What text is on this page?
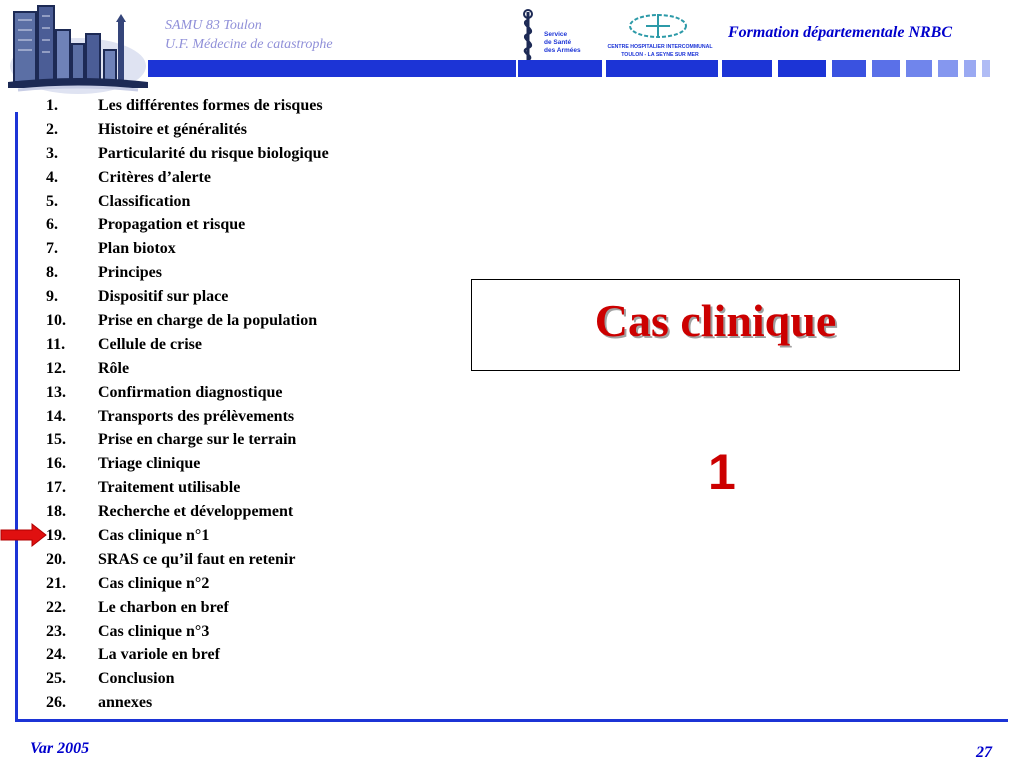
SAMU 83 Toulon
U.F. Médecine de catastrophe
Service
de Santé
des Armées	CENTRE HOSPITALIER INTERCOMMUNAL
TOULON - LA SEYNE SUR MER
Formation départementale NRBC
1.	Les différentes formes de risques
2.	Histoire et généralités
3.	Particularité du risque biologique
4.	Critères d’alerte
5.	Classification
6.	Propagation et risque
7.	Plan biotox
8.	Principes
9.	Dispositif sur place
10.	Prise en charge de la population
11.	Cellule de crise
12.	Rôle
13.	Confirmation diagnostique
14.	Transports des prélèvements
15.	Prise en charge sur le terrain
16.	Triage clinique
17.	Traitement utilisable
18.	Recherche et développement
19.	Cas clinique n°1
20.	SRAS ce qu’il faut en retenir
21.	Cas clinique n°2
22.	Le charbon en bref
23.	Cas clinique n°3
24.	La variole en bref
25.	Conclusion
26.	annexes
Cas clinique
1
Var 2005	27
